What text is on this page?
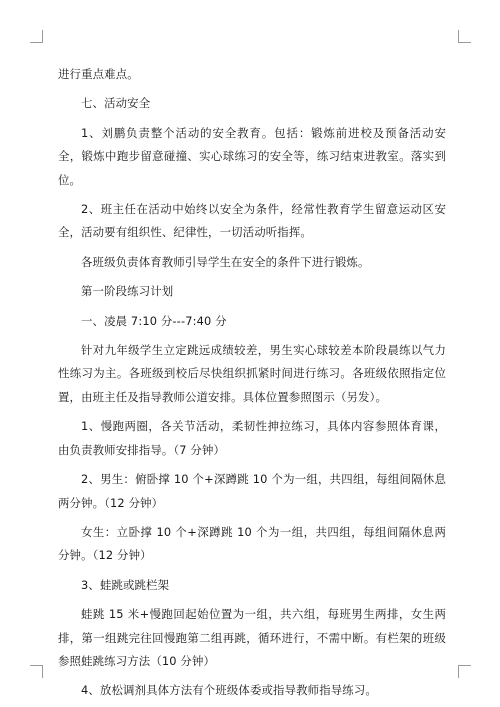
进行重点难点。

七、活动安全

1、刘鹏负责整个活动的安全教育。包括：锻炼前进校及预备活动安全，锻炼中跑步留意碰撞、实心球练习的安全等，练习结束进教室。落实到位。

2、班主任在活动中始终以安全为条件，经常性教育学生留意运动区安全，活动要有组织性、纪律性，一切活动听指挥。

各班级负责体育教师引导学生在安全的条件下进行锻炼。

第一阶段练习计划

一、凌晨 7:10 分---7:40 分

针对九年级学生立定跳远成绩较差，男生实心球较差本阶段晨练以气力性练习为主。各班级到校后尽快组织抓紧时间进行练习。各班级依照指定位置，由班主任及指导教师公道安排。具体位置参照图示（另发）。

1、慢跑两圈，各关节活动，柔韧性抻拉练习，具体内容参照体育课，由负责教师安排指导。（7 分钟）

2、男生：俯卧撑 10 个+深蹲跳 10 个为一组，共四组，每组间隔休息两分钟。（12 分钟）

女生：立卧撑 10 个+深蹲跳 10 个为一组，共四组，每组间隔休息两分钟。（12 分钟）

3、蛙跳或跳栏架

蛙跳 15 米+慢跑回起始位置为一组，共六组，每班男生两排，女生两排，第一组跳完往回慢跑第二组再跳，循环进行，不需中断。有栏架的班级参照蛙跳练习方法（10 分钟）

4、放松调剂具体方法有个班级体委或指导教师指导练习。
